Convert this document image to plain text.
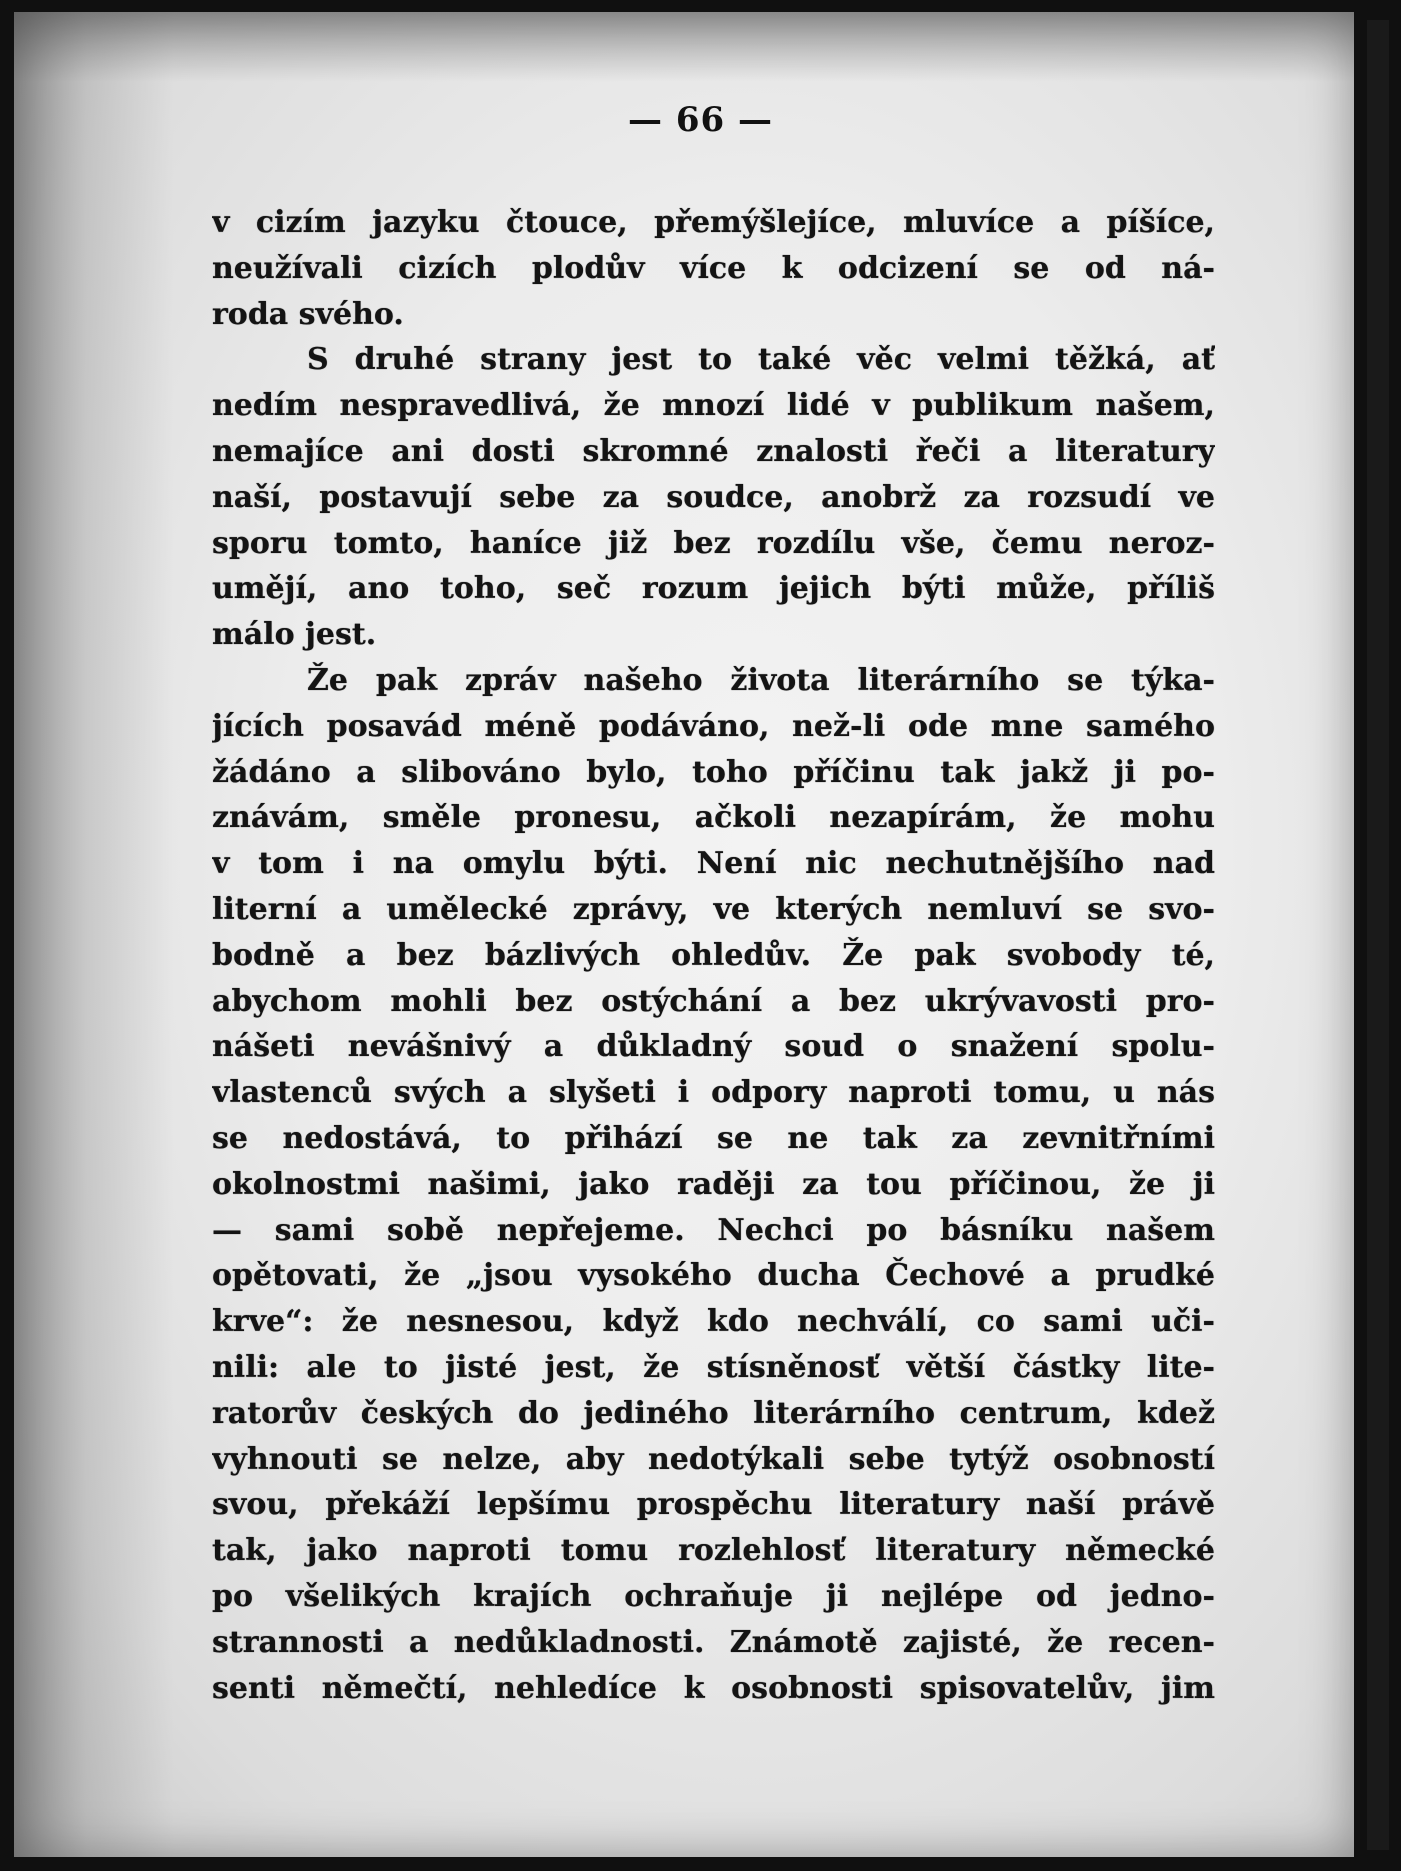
— 66 —
v cizím jazyku čtouce, přemýšlejíce, mluvíce a píšíce,
neužívali cizích plodův více k odcizení se od ná-
roda svého.
S druhé strany jest to také věc velmi těžká, ať
nedím nespravedlivá, že mnozí lidé v publikum našem,
nemajíce ani dosti skromné znalosti řeči a literatury
naší, postavují sebe za soudce, anobrž za rozsudí ve
sporu tomto, haníce již bez rozdílu vše, čemu neroz-
umějí, ano toho, seč rozum jejich býti může, příliš
málo jest.
Že pak zpráv našeho života literárního se týka-
jících posavád méně podáváno, než-li ode mne samého
žádáno a slibováno bylo, toho příčinu tak jakž ji po-
znávám, směle pronesu, ačkoli nezapírám, že mohu
v tom i na omylu býti. Není nic nechutnějšího nad
literní a umělecké zprávy, ve kterých nemluví se svo-
bodně a bez bázlivých ohledův. Že pak svobody té,
abychom mohli bez ostýchání a bez ukrývavosti pro-
nášeti nevášnivý a důkladný soud o snažení spolu-
vlastenců svých a slyšeti i odpory naproti tomu, u nás
se nedostává, to přihází se ne tak za zevnitřními
okolnostmi našimi, jako raději za tou příčinou, že ji
— sami sobě nepřejeme. Nechci po básníku našem
opětovati, že „jsou vysokého ducha Čechové a prudké
krve“: že nesnesou, když kdo nechválí, co sami uči-
nili: ale to jisté jest, že stísněnosť větší částky lite-
ratorův českých do jediného literárního centrum, kdež
vyhnouti se nelze, aby nedotýkali sebe tytýž osobností
svou, překáží lepšímu prospěchu literatury naší právě
tak, jako naproti tomu rozlehlosť literatury německé
po všelikých krajích ochraňuje ji nejlépe od jedno-
strannosti a nedůkladnosti. Známotě zajisté, že recen-
senti němečtí, nehledíce k osobnosti spisovatelův, jim
